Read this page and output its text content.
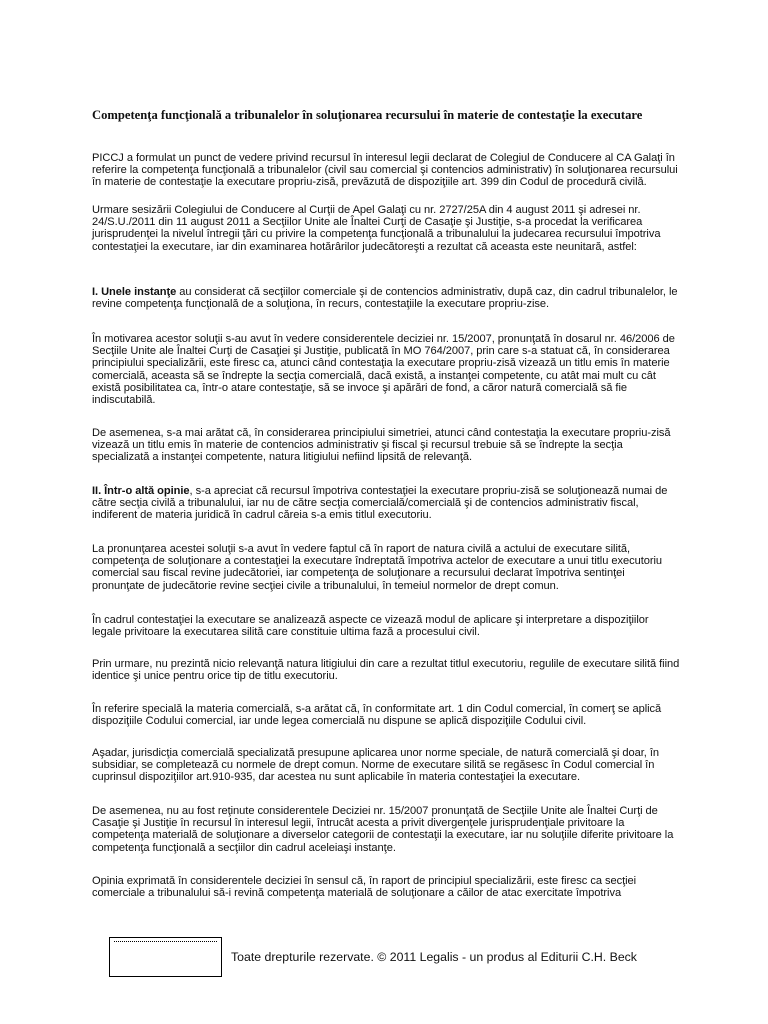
Competenţa funcţională a tribunalelor în soluţionarea recursului în materie de contestaţie la executare

PICCJ a formulat un punct de vedere privind recursul în interesul legii declarat de Colegiul de Conducere al CA Galaţi în referire la competenţa funcţională a tribunalelor (civil sau comercial şi contencios administrativ) în soluţionarea recursului în materie de contestaţie la executare propriu-zisă, prevăzută de dispoziţiile art. 399 din Codul de procedură civilă.

Urmare sesizării Colegiului de Conducere al Curţii de Apel Galaţi cu nr. 2727/25A din 4 august 2011 şi adresei nr. 24/S.U./2011 din 11 august 2011 a Secţiilor Unite ale Înaltei Curţi de Casaţie şi Justiţie, s-a procedat la verificarea jurisprudenţei la nivelul întregii ţări cu privire la competenţa funcţională a tribunalului la judecarea recursului împotriva contestaţiei la executare, iar din examinarea hotărârilor judecătoreşti a rezultat că aceasta este neunitară, astfel:

I. Unele instanţe au considerat că secţiilor comerciale şi de contencios administrativ, după caz, din cadrul tribunalelor, le revine competenţa funcţională de a soluţiona, în recurs, contestaţiile la executare propriu-zise.

În motivarea acestor soluţii s-au avut în vedere considerentele deciziei nr. 15/2007, pronunţată în dosarul nr. 46/2006 de Secţiile Unite ale Înaltei Curţi de Casaţiei şi Justiţie, publicată în MO 764/2007, prin care s-a statuat că, în considerarea principiului specializării, este firesc ca, atunci când contestaţia la executare propriu-zisă vizează un titlu emis în materie comercială, aceasta să se îndrepte la secţia comercială, dacă există, a instanţei competente, cu atât mai mult cu cât există posibilitatea ca, într-o atare contestaţie, să se invoce şi apărări de fond, a căror natură comercială să fie indiscutabilă.

De asemenea, s-a mai arătat că, în considerarea principiului simetriei, atunci când contestaţia la executare propriu-zisă vizează un titlu emis în materie de contencios administrativ şi fiscal şi recursul trebuie să se îndrepte la secţia specializată a instanţei competente, natura litigiului nefiind lipsită de relevanţă.

II. Într-o altă opinie, s-a apreciat că recursul împotriva contestaţiei la executare propriu-zisă se soluţionează numai de către secţia civilă a tribunalului, iar nu de către secţia comercială/comercială şi de contencios administrativ fiscal, indiferent de materia juridică în cadrul căreia s-a emis titlul executoriu.

La pronunţarea acestei soluţii s-a avut în vedere faptul că în raport de natura civilă a actului de executare silită, competenţa de soluţionare a contestaţiei la executare îndreptată împotriva actelor de executare a unui titlu executoriu comercial sau fiscal revine judecătoriei, iar competenţa de soluţionare a recursului declarat împotriva sentinţei pronunţate de judecătorie revine secţiei civile a tribunalului, în temeiul normelor de drept comun.

În cadrul contestaţiei la executare se analizează aspecte ce vizează modul de aplicare şi interpretare a dispoziţiilor legale privitoare la executarea silită care constituie ultima fază a procesului civil.

Prin urmare, nu prezintă nicio relevanţă natura litigiului din care a rezultat titlul executoriu, regulile de executare silită fiind identice şi unice pentru orice tip de titlu executoriu.

În referire specială la materia comercială, s-a arătat că, în conformitate art. 1 din Codul comercial, în comerţ se aplică dispoziţiile Codului comercial, iar unde legea comercială nu dispune se aplică dispoziţiile Codului civil.

Aşadar, jurisdicţia comercială specializată presupune aplicarea unor norme speciale, de natură comercială şi doar, în subsidiar, se completează cu normele de drept comun. Norme de executare silită se regăsesc în Codul comercial în cuprinsul dispoziţiilor art.910-935, dar acestea nu sunt aplicabile în materia contestaţiei la executare.

De asemenea, nu au fost reţinute considerentele Deciziei nr. 15/2007 pronunţată de Secţiile Unite ale Înaltei Curţi de Casaţie şi Justiţie în recursul în interesul legii, întrucât acesta a privit divergenţele jurisprudenţiale privitoare la competenţa materială de soluţionare a diverselor categorii de contestaţii la executare, iar nu soluţiile diferite privitoare la competenţa funcţională a secţiilor din cadrul aceleiaşi instanţe.

Opinia exprimată în considerentele deciziei în sensul că, în raport de principiul specializării, este firesc ca secţiei comerciale a tribunalului să-i revină competenţa materială de soluţionare a căilor de atac exercitate împotriva

Toate drepturile rezervate. © 2011 Legalis - un produs al Editurii C.H. Beck
